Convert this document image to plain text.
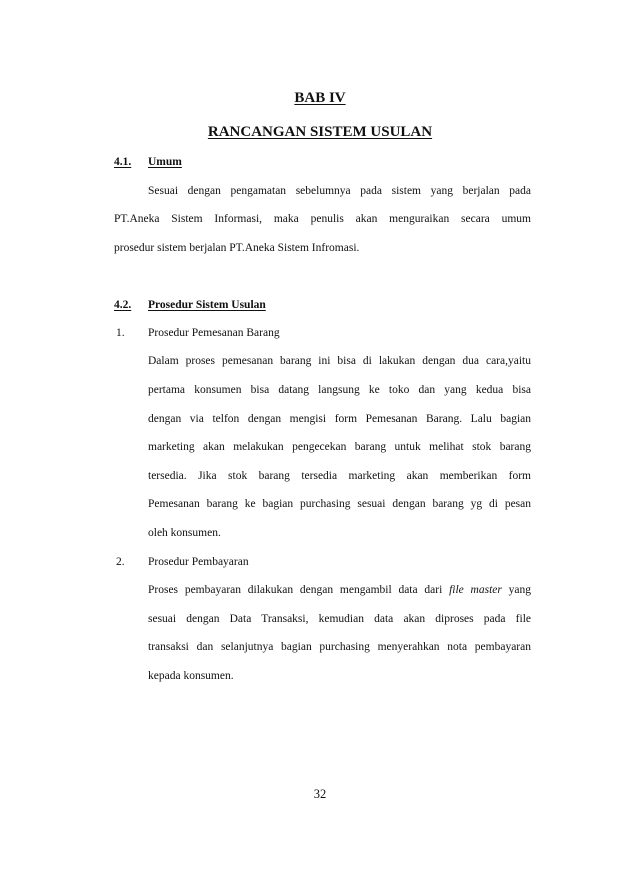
BAB IV
RANCANGAN SISTEM USULAN
4.1. Umum
Sesuai dengan pengamatan sebelumnya pada sistem yang berjalan pada
PT.Aneka Sistem Informasi, maka penulis akan menguraikan secara umum
prosedur sistem berjalan PT.Aneka Sistem Infromasi.
4.2. Prosedur Sistem Usulan
1. Prosedur Pemesanan Barang
Dalam proses pemesanan barang ini bisa di lakukan dengan dua cara,yaitu
pertama konsumen bisa datang langsung ke toko dan yang kedua bisa
dengan via telfon dengan mengisi form Pemesanan Barang. Lalu bagian
marketing akan melakukan pengecekan barang untuk melihat stok barang
tersedia. Jika stok barang tersedia marketing akan memberikan form
Pemesanan barang ke bagian purchasing sesuai dengan barang yg di pesan
oleh konsumen.
2. Prosedur Pembayaran
Proses pembayaran dilakukan dengan mengambil data dari file master yang
sesuai dengan Data Transaksi, kemudian data akan diproses pada file
transaksi dan selanjutnya bagian purchasing menyerahkan nota pembayaran
kepada konsumen.
32
